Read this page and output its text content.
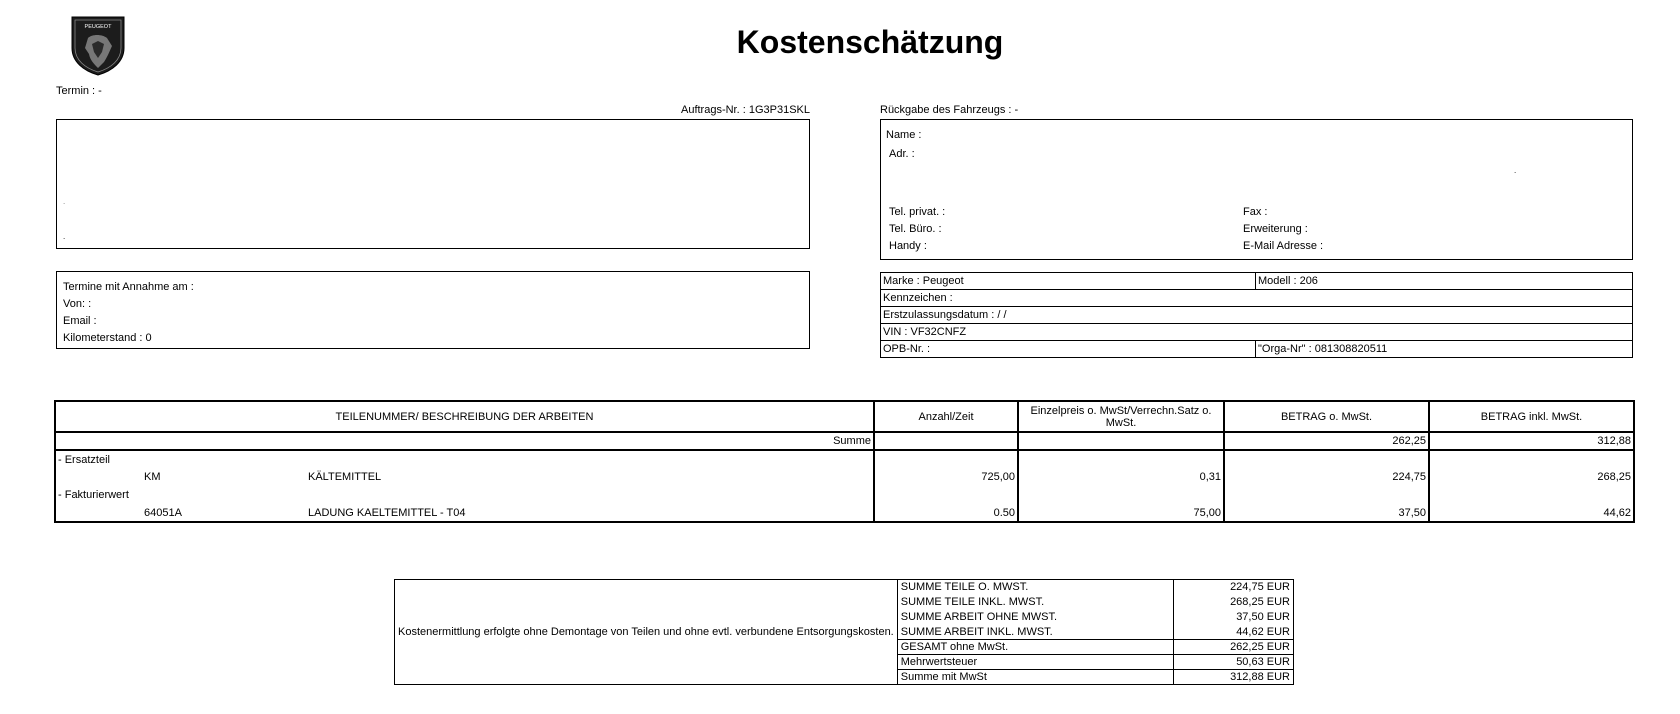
PEUGEOT	Kostenschätzung
Termin : -
Auftrags-Nr. : 1G3P31SKL	Rückgabe des Fahrzeugs : -
.
.
Name :
Adr. :
.
Tel. privat. :	Fax :
Tel. Büro. :	Erweiterung :
Handy :	E-Mail Adresse :
Termine mit Annahme am :
Von: :
Email :
Kilometerstand : 0
Marke : Peugeot	Modell : 206
Kennzeichen :	
Erstzulassungsdatum : / /	
VIN : VF32CNFZ	
OPB-Nr. :	"Orga-Nr" : 081308820511
TEILENUMMER/ BESCHREIBUNG DER ARBEITEN			Anzahl/Zeit	Einzelpreis o. MwSt/Verrechn.Satz o. MwSt.	BETRAG o. MwSt.	BETRAG inkl. MwSt.
Summe					262,25	312,88
- Ersatzteil						
	KM	KÄLTEMITTEL	725,00	0,31	224,75	268,25
- Fakturierwert						
	64051A	LADUNG KAELTEMITTEL - T04	0.50	75,00	37,50	44,62
Kostenermittlung erfolgte ohne Demontage von Teilen und ohne evtl. verbundene Entsorgungskosten.	SUMME TEILE O. MWST.	224,75 EUR
	SUMME TEILE INKL. MWST.	268,25 EUR
	SUMME ARBEIT OHNE MWST.	37,50 EUR
	SUMME ARBEIT INKL. MWST.	44,62 EUR
	GESAMT ohne MwSt.	262,25 EUR
	Mehrwertsteuer	50,63 EUR
	Summe mit MwSt	312,88 EUR
